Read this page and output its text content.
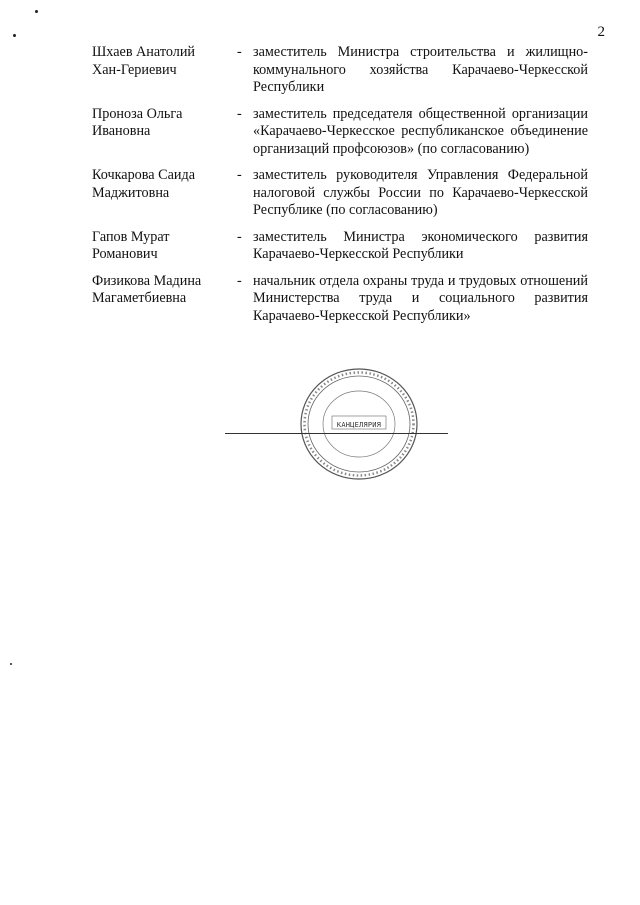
2
Шхаев Анатолий
Хан-Гериевич
- заместитель Министра строительства и жилищно-коммунального хозяйства Карачаево-Черкесской Республики
Проноза Ольга
Ивановна
- заместитель председателя общественной организации «Карачаево-Черкесское республиканское объединение организаций профсоюзов» (по согласованию)
Кочкарова Саида
Маджитовна
- заместитель руководителя Управления Федеральной налоговой службы России по Карачаево-Черкесской Республике (по согласованию)
Гапов Мурат
Романович
- заместитель Министра экономического развития Карачаево-Черкесской Республики
Физикова Мадина
Магаметбиевна
- начальник отдела охраны труда и трудовых отношений Министерства труда и социального развития Карачаево-Черкесской Республики»
КАНЦЕЛЯРИЯ
